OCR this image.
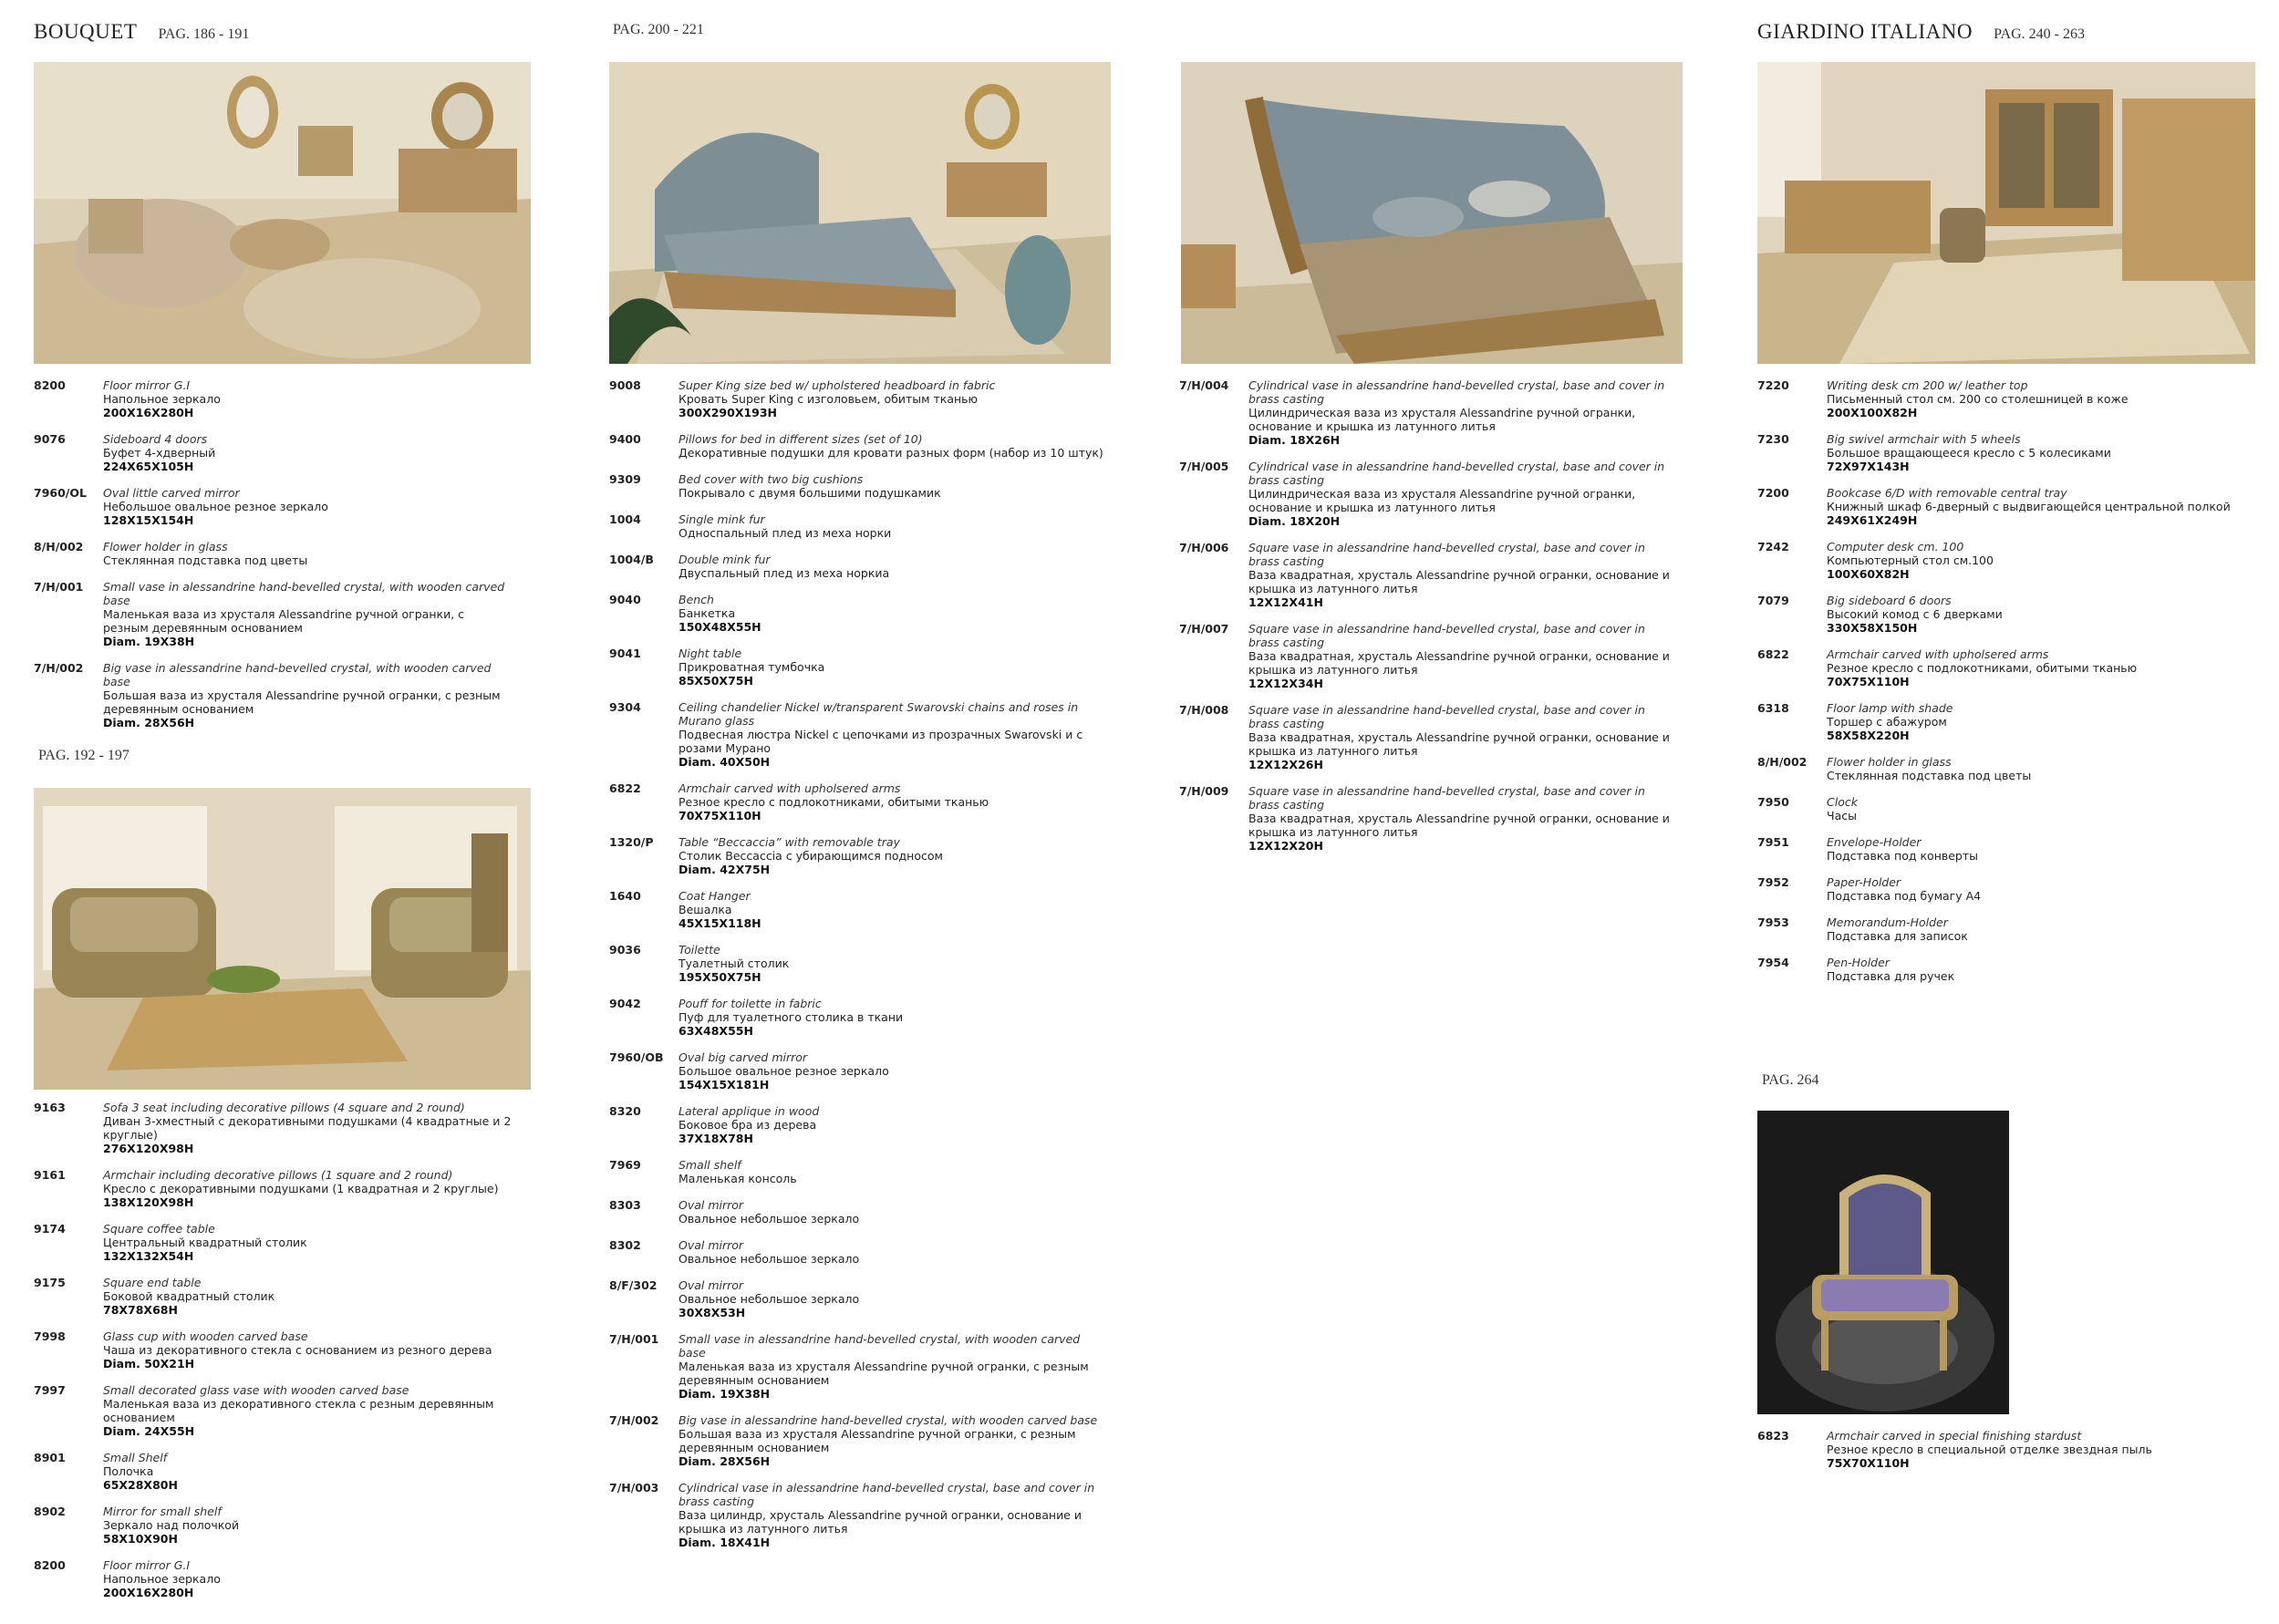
BOUQUET PAG. 186 - 191
PAG. 192 - 197
PAG. 200 - 221	GIARDINO ITALIANO PAG. 240 - 263
PAG. 264
8200	Floor mirror G.I
Напольное зеркало
200X16X280H
9076	Sideboard 4 doors
Буфет 4-хдверный
224X65X105H
7960/OL	Oval little carved mirror
Небольшое овальное резное зеркало
128X15X154H
8/H/002	Flower holder in glass
Стеклянная подставка под цветы
7/H/001	Small vase in alessandrine hand-bevelled crystal, with wooden carved base
Маленькая ваза из хрусталя Alessandrine ручной огранки, с резным деревянным основанием
Diam. 19X38H
7/H/002	Big vase in alessandrine hand-bevelled crystal, with wooden carved base
Большая ваза из хрусталя Alessandrine ручной огранки, с резным деревянным основанием
Diam. 28X56H
9163	Sofa 3 seat including decorative pillows (4 square and 2 round)
Диван 3-хместный с декоративными подушками (4 квадратные и 2 круглые)
276X120X98H
9161	Armchair including decorative pillows (1 square and 2 round)
Кресло с декоративными подушками (1 квадратная и 2 круглые)
138X120X98H
9174	Square coffee table
Центральный квадратный столик
132X132X54H
9175	Square end table
Боковой квадратный столик
78X78X68H
7998	Glass cup with wooden carved base
Чаша из декоративного стекла с основанием из резного дерева
Diam. 50X21H
7997	Small decorated glass vase with wooden carved base
Маленькая ваза из декоративного стекла с резным деревянным основанием
Diam. 24X55H
8901	Small Shelf
Полочка
65X28X80H
8902	Mirror for small shelf
Зеркало над полочкой
58X10X90H
8200	Floor mirror G.I
Напольное зеркало
200X16X280H
9008	Super King size bed w/ upholstered headboard in fabric
Кровать Super King с изголовьем, обитым тканью
300X290X193H
9400	Pillows for bed in different sizes (set of 10)
Декоративные подушки для кровати разных форм (набор из 10 штук)
9309	Bed cover with two big cushions
Покрывало с двумя большими подушкамик
1004	Single mink fur
Односпальный плед из меха норки
1004/B	Double mink fur
Двуспальный плед из меха норкиа
9040	Bench
Банкетка
150X48X55H
9041	Night table
Прикроватная тумбочка
85X50X75H
9304	Ceiling chandelier Nickel w/transparent Swarovski chains and roses in Murano glass
Подвесная люстра Nickel с цепочками из прозрачных Swarovski и с розами Мурано
Diam. 40X50H
6822	Armchair carved with upholsered arms
Резное кресло с подлокотниками, обитыми тканью
70X75X110H
1320/P	Table “Beccaccia” with removable tray
Столик Beccaccia с убирающимся подносом
Diam. 42X75H
1640	Coat Hanger
Вешалка
45X15X118H
9036	Toilette
Туалетный столик
195X50X75H
9042	Pouff for toilette in fabric
Пуф для туалетного столика в ткани
63X48X55H
7960/OB	Oval big carved mirror
Большое овальное резное зеркало
154X15X181H
8320	Lateral applique in wood
Боковое бра из дерева
37X18X78H
7969	Small shelf
Маленькая консоль
8303	Oval mirror
Овальное небольшое зеркало
8302	Oval mirror
Овальное небольшое зеркало
8/F/302	Oval mirror
Овальное небольшое зеркало
30X8X53H
7/H/001	Small vase in alessandrine hand-bevelled crystal, with wooden carved base
Маленькая ваза из хрусталя Alessandrine ручной огранки, с резным деревянным основанием
Diam. 19X38H
7/H/002	Big vase in alessandrine hand-bevelled crystal, with wooden carved base
Большая ваза из хрусталя Alessandrine ручной огранки, с резным деревянным основанием
Diam. 28X56H
7/H/003	Cylindrical vase in alessandrine hand-bevelled crystal, base and cover in brass casting
Ваза цилиндр, хрусталь Alessandrine ручной огранки, основание и крышка из латунного литья
Diam. 18X41H
7/H/004	Cylindrical vase in alessandrine hand-bevelled crystal, base and cover in brass casting
Цилиндрическая ваза из хрусталя Alessandrine ручной огранки, основание и крышка из латунного литья
Diam. 18X26H
7/H/005	Cylindrical vase in alessandrine hand-bevelled crystal, base and cover in brass casting
Цилиндрическая ваза из хрусталя Alessandrine ручной огранки, основание и крышка из латунного литья
Diam. 18X20H
7/H/006	Square vase in alessandrine hand-bevelled crystal, base and cover in brass casting
Ваза квадратная, хрусталь Alessandrine ручной огранки, основание и крышка из латунного литья
12X12X41H
7/H/007	Square vase in alessandrine hand-bevelled crystal, base and cover in brass casting
Ваза квадратная, хрусталь Alessandrine ручной огранки, основание и крышка из латунного литья
12X12X34H
7/H/008	Square vase in alessandrine hand-bevelled crystal, base and cover in brass casting
Ваза квадратная, хрусталь Alessandrine ручной огранки, основание и крышка из латунного литья
12X12X26H
7/H/009	Square vase in alessandrine hand-bevelled crystal, base and cover in brass casting
Ваза квадратная, хрусталь Alessandrine ручной огранки, основание и крышка из латунного литья
12X12X20H
7220	Writing desk cm 200 w/ leather top
Письменный стол см. 200 со столешницей в коже
200X100X82H
7230	Big swivel armchair with 5 wheels
Большое вращающееся кресло с 5 колесиками
72X97X143H
7200	Bookcase 6/D with removable central tray
Книжный шкаф 6-дверный с выдвигающейся центральной полкой
249X61X249H
7242	Computer desk cm. 100
Компьютерный стол см.100
100X60X82H
7079	Big sideboard 6 doors
Высокий комод с 6 дверками
330X58X150H
6822	Armchair carved with upholsered arms
Резное кресло с подлокотниками, обитыми тканью
70X75X110H
6318	Floor lamp with shade
Торшер с абажуром
58X58X220H
8/H/002	Flower holder in glass
Стеклянная подставка под цветы
7950	Clock
Часы
7951	Envelope-Holder
Подставка под конверты
7952	Paper-Holder
Подставка под бумагу А4
7953	Memorandum-Holder
Подставка для записок
7954	Pen-Holder
Подставка для ручек
6823	Armchair carved in special finishing stardust
Резное кресло в специальной отделке звездная пыль
75X70X110H
